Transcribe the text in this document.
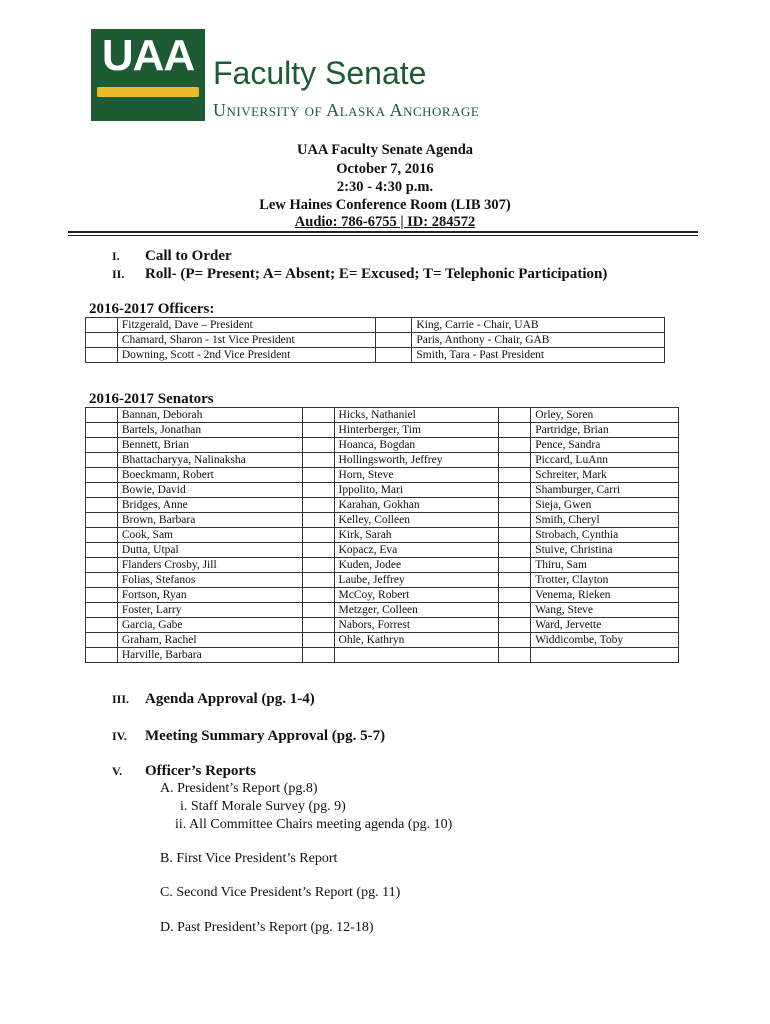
UAA Faculty Senate
University of Alaska Anchorage
UAA Faculty Senate Agenda
October 7, 2016
2:30 - 4:30 p.m.
Lew Haines Conference Room (LIB 307)
Audio: 786-6755 | ID: 284572
I. Call to Order
II. Roll- (P= Present; A= Absent; E= Excused; T= Telephonic Participation)
2016-2017 Officers:
	Fitzgerald, Dave – President		King, Carrie - Chair, UAB
	Chamard, Sharon - 1st Vice President		Paris, Anthony - Chair, GAB
	Downing, Scott - 2nd Vice President		Smith, Tara - Past President
2016-2017 Senators
	Bannan, Deborah		Hicks, Nathaniel		Orley, Soren
	Bartels, Jonathan		Hinterberger, Tim		Partridge, Brian
	Bennett, Brian		Hoanca, Bogdan		Pence, Sandra
	Bhattacharyya, Nalinaksha		Hollingsworth, Jeffrey		Piccard, LuAnn
	Boeckmann, Robert		Horn, Steve		Schreiter, Mark
	Bowie, David		Ippolito, Mari		Shamburger, Carri
	Bridges, Anne		Karahan, Gokhan		Sieja, Gwen
	Brown, Barbara		Kelley, Colleen		Smith, Cheryl
	Cook, Sam		Kirk, Sarah		Strobach, Cynthia
	Dutta, Utpal		Kopacz, Eva		Stuive, Christina
	Flanders Crosby, Jill		Kuden, Jodee		Thiru, Sam
	Folias, Stefanos		Laube, Jeffrey		Trotter, Clayton
	Fortson, Ryan		McCoy, Robert		Venema, Rieken
	Foster, Larry		Metzger, Colleen		Wang, Steve
	Garcia, Gabe		Nabors, Forrest		Ward, Jervette
	Graham, Rachel		Ohle, Kathryn		Widdicombe, Toby
	Harville, Barbara				
III. Agenda Approval (pg. 1-4)
IV. Meeting Summary Approval (pg. 5-7)
V. Officer’s Reports
A. President’s Report (pg.8)
i. Staff Morale Survey (pg. 9)
ii. All Committee Chairs meeting agenda (pg. 10)
B. First Vice President’s Report
C. Second Vice President’s Report (pg. 11)
D. Past President’s Report (pg. 12-18)
